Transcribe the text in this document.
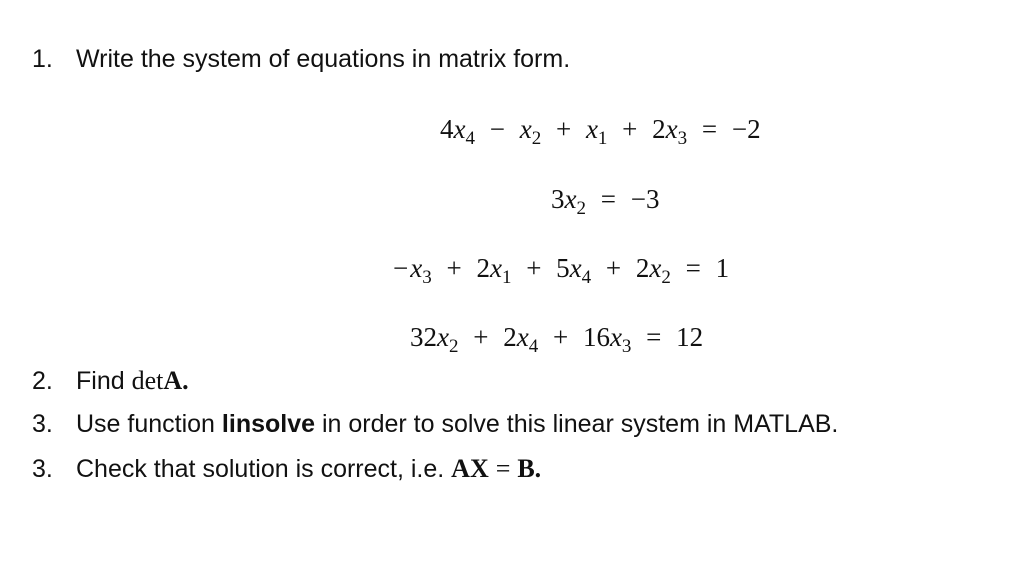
1. Write the system of equations in matrix form.
$4x_4 - x_2 + x_1 + 2x_3 = -2$
$3x_2 = -3$
$-x_3 + 2x_1 + 5x_4 + 2x_2 = 1$
$32x_2 + 2x_4 + 16x_3 = 12$
2. Find detA.
3. Use function linsolve in order to solve this linear system in MATLAB.
3. Check that solution is correct, i.e. AX = B.
